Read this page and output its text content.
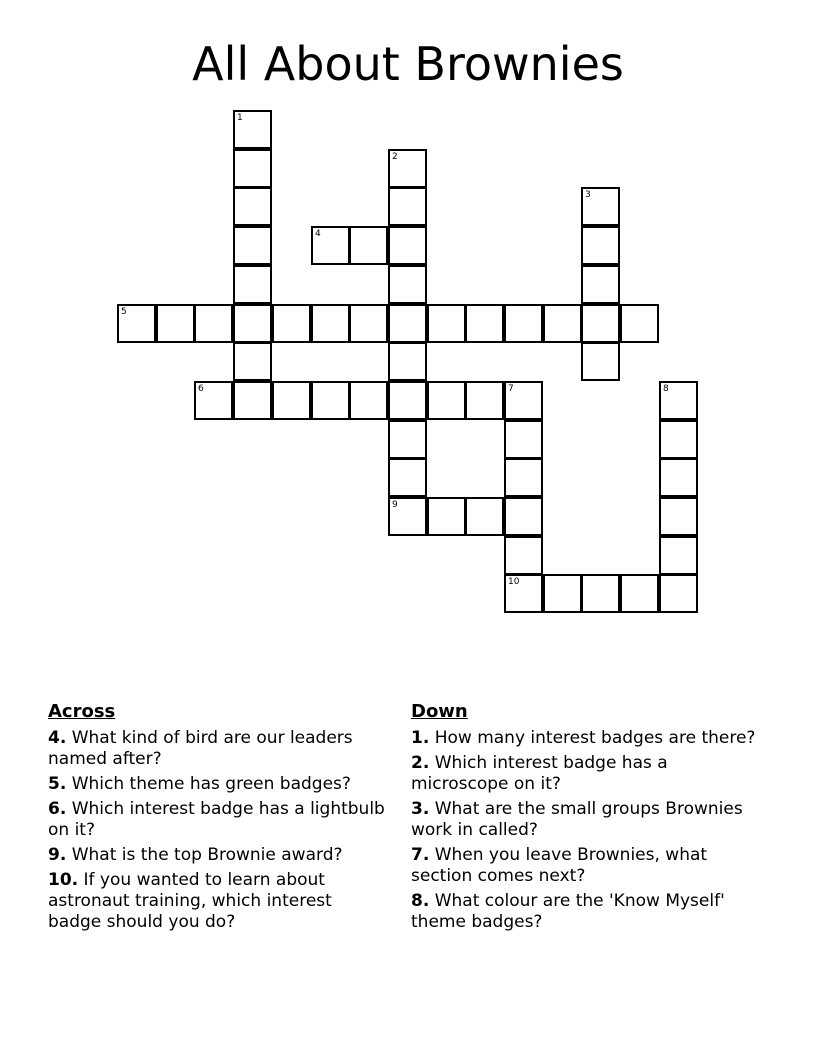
All About Brownies
1
2
3
4
5
6	7	8
9
10
Across
4. What kind of bird are our leaders named after?
5. Which theme has green badges?
6. Which interest badge has a lightbulb on it?
9. What is the top Brownie award?
10. If you wanted to learn about astronaut training, which interest badge should you do?
Down
1. How many interest badges are there?
2. Which interest badge has a microscope on it?
3. What are the small groups Brownies work in called?
7. When you leave Brownies, what section comes next?
8. What colour are the 'Know Myself' theme badges?
